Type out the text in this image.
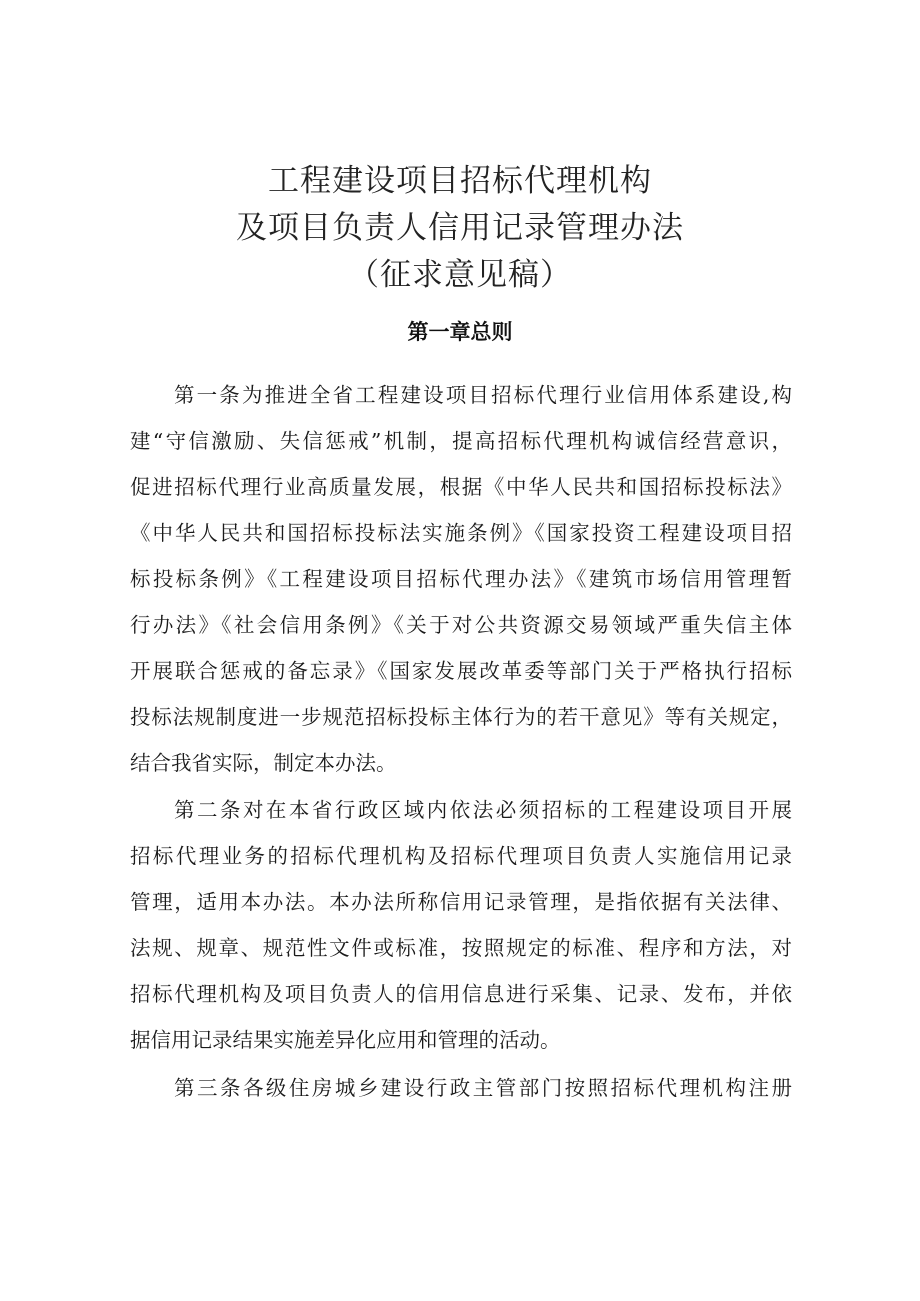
工程建设项目招标代理机构
及项目负责人信用记录管理办法
（征求意见稿）
第一章总则
第一条为推进全省工程建设项目招标代理行业信用体系建设,构
建“守信激励、失信惩戒”机制，提高招标代理机构诚信经营意识，
促进招标代理行业高质量发展，根据《中华人民共和国招标投标法》
《中华人民共和国招标投标法实施条例》《国家投资工程建设项目招
标投标条例》《工程建设项目招标代理办法》《建筑市场信用管理暂
行办法》《社会信用条例》《关于对公共资源交易领域严重失信主体
开展联合惩戒的备忘录》《国家发展改革委等部门关于严格执行招标
投标法规制度进一步规范招标投标主体行为的若干意见》等有关规定，
结合我省实际，制定本办法。
第二条对在本省行政区域内依法必须招标的工程建设项目开展
招标代理业务的招标代理机构及招标代理项目负责人实施信用记录
管理，适用本办法。本办法所称信用记录管理，是指依据有关法律、
法规、规章、规范性文件或标准，按照规定的标准、程序和方法，对
招标代理机构及项目负责人的信用信息进行采集、记录、发布，并依
据信用记录结果实施差异化应用和管理的活动。
第三条各级住房城乡建设行政主管部门按照招标代理机构注册
